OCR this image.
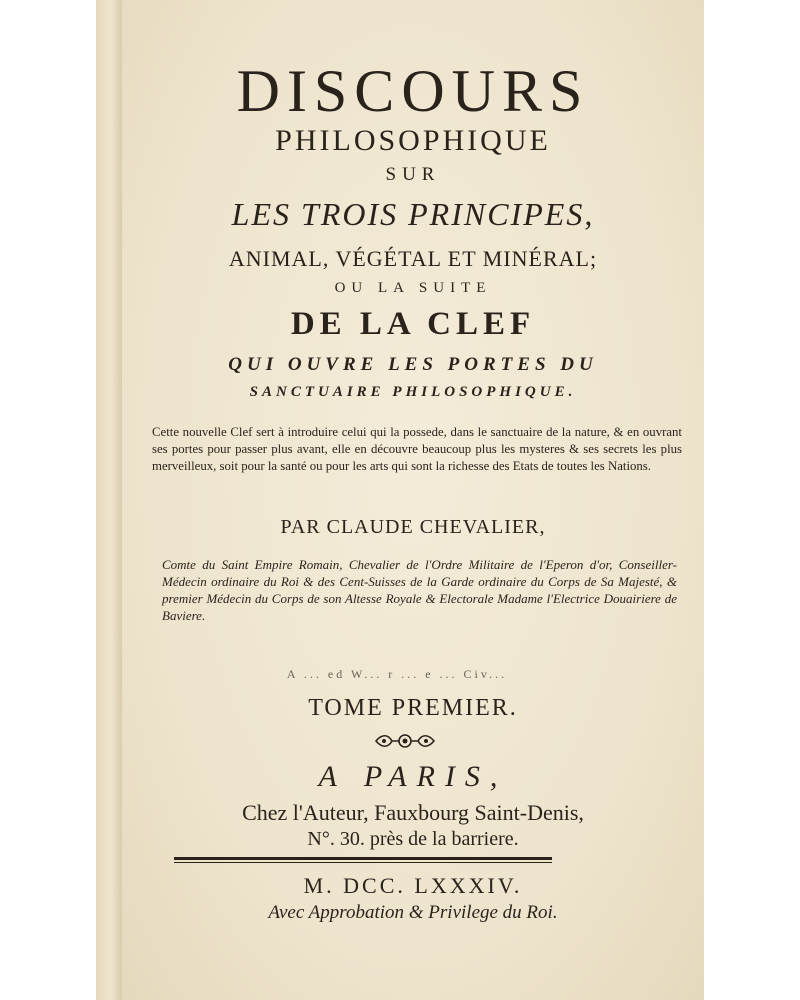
DISCOURS

PHILOSOPHIQUE

SUR

LES TROIS PRINCIPES,

ANIMAL, VÉGÉTAL ET MINÉRAL;

OU LA SUITE

DE LA CLEF

QUI OUVRE LES PORTES DU

SANCTUAIRE PHILOSOPHIQUE.

Cette nouvelle Clef sert à introduire celui qui la possede, dans le sanctuaire de la nature, & en ouvrant ses portes pour passer plus avant, elle en découvre beaucoup plus les mysteres & ses secrets les plus merveilleux, soit pour la santé ou pour les arts qui sont la richesse des Etats de toutes les Nations.

PAR CLAUDE CHEVALIER,

Comte du Saint Empire Romain, Chevalier de l'Ordre Militaire de l'Eperon d'or, Conseiller-Médecin ordinaire du Roi & des Cent-Suisses de la Garde ordinaire du Corps de Sa Majesté, & premier Médecin du Corps de son Altesse Royale & Electorale Madame l'Electrice Douairiere de Baviere.

A ... ed W... r ... e ... Civ...

TOME PREMIER.

A PARIS,

Chez l'Auteur, Fauxbourg Saint-Denis,

N°. 30. près de la barriere.

M. DCC. LXXXIV.

Avec Approbation & Privilege du Roi.
